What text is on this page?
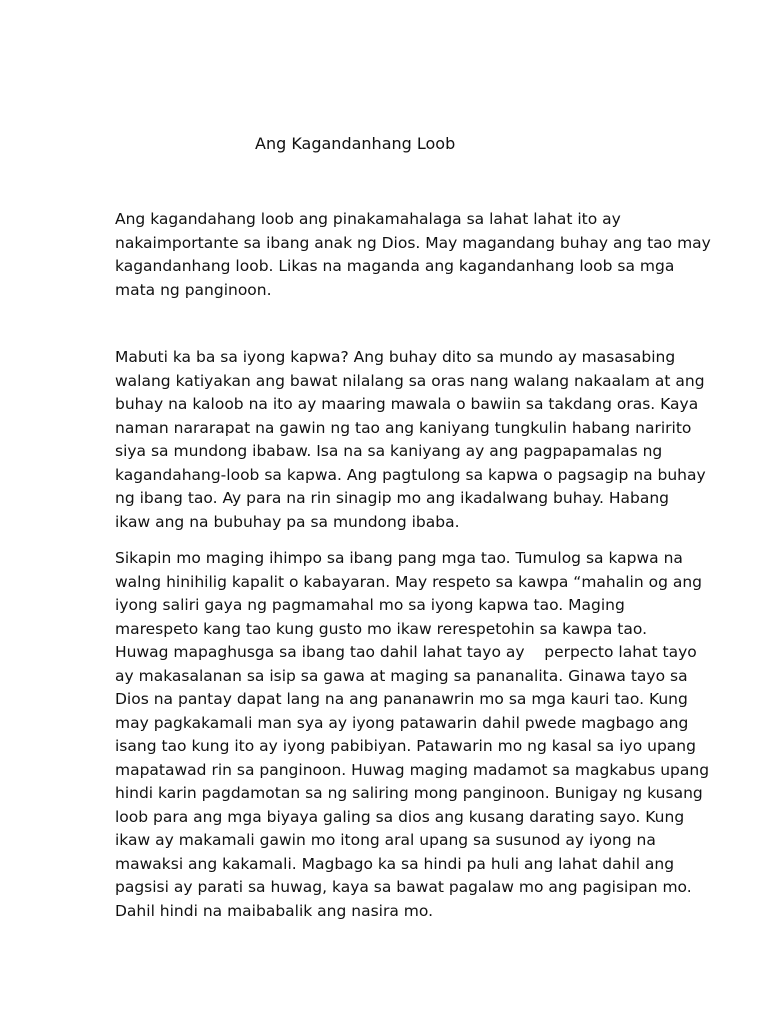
Ang Kagandanhang Loob
Ang kagandahang loob ang pinakamahalaga sa lahat lahat ito ay
nakaimportante sa ibang anak ng Dios. May magandang buhay ang tao may
kagandanhang loob. Likas na maganda ang kagandanhang loob sa mga
mata ng panginoon.
Mabuti ka ba sa iyong kapwa? Ang buhay dito sa mundo ay masasabing
walang katiyakan ang bawat nilalang sa oras nang walang nakaalam at ang
buhay na kaloob na ito ay maaring mawala o bawiin sa takdang oras. Kaya
naman nararapat na gawin ng tao ang kaniyang tungkulin habang naririto
siya sa mundong ibabaw. Isa na sa kaniyang ay ang pagpapamalas ng
kagandahang-loob sa kapwa. Ang pagtulong sa kapwa o pagsagip na buhay
ng ibang tao. Ay para na rin sinagip mo ang ikadalwang buhay. Habang
ikaw ang na bubuhay pa sa mundong ibaba.
Sikapin mo maging ihimpo sa ibang pang mga tao. Tumulog sa kapwa na
walng hinihilig kapalit o kabayaran. May respeto sa kawpa “mahalin og ang
iyong saliri gaya ng pagmamahal mo sa iyong kapwa tao. Maging
marespeto kang tao kung gusto mo ikaw rerespetohin sa kawpa tao.
Huwag mapaghusga sa ibang tao dahil lahat tayo ay    perpecto lahat tayo
ay makasalanan sa isip sa gawa at maging sa pananalita. Ginawa tayo sa
Dios na pantay dapat lang na ang pananawrin mo sa mga kauri tao. Kung
may pagkakamali man sya ay iyong patawarin dahil pwede magbago ang
isang tao kung ito ay iyong pabibiyan. Patawarin mo ng kasal sa iyo upang
mapatawad rin sa panginoon. Huwag maging madamot sa magkabus upang
hindi karin pagdamotan sa ng saliring mong panginoon. Bunigay ng kusang
loob para ang mga biyaya galing sa dios ang kusang darating sayo. Kung
ikaw ay makamali gawin mo itong aral upang sa susunod ay iyong na
mawaksi ang kakamali. Magbago ka sa hindi pa huli ang lahat dahil ang
pagsisi ay parati sa huwag, kaya sa bawat pagalaw mo ang pagisipan mo.
Dahil hindi na maibabalik ang nasira mo.
